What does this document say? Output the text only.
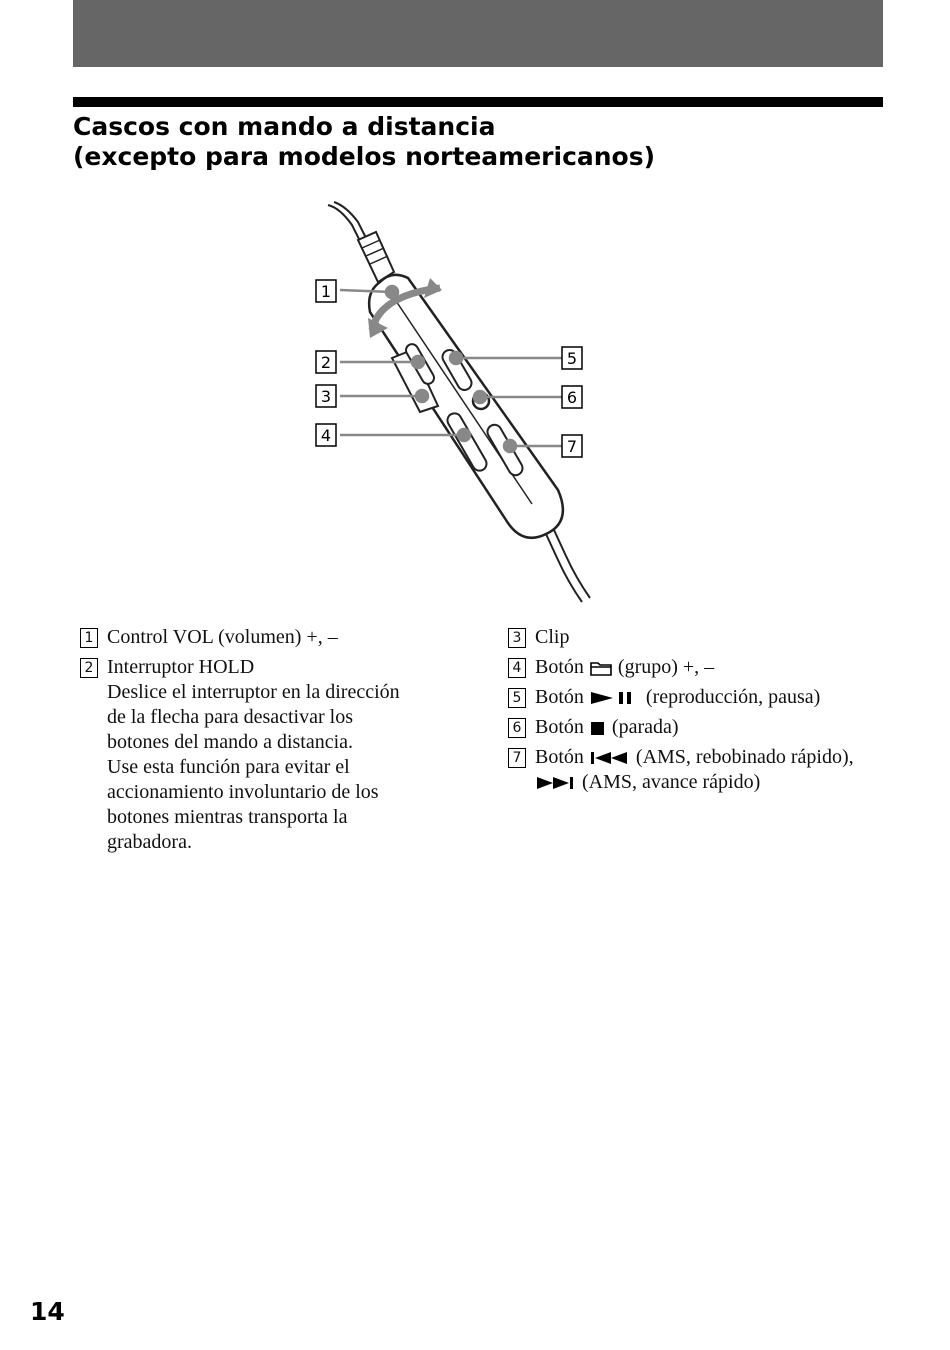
Cascos con mando a distancia
(excepto para modelos norteamericanos)
1
2
3
4
5
6
7
1 Control VOL (volumen) +, –
2 Interruptor HOLD
Deslice el interruptor en la dirección
de la flecha para desactivar los
botones del mando a distancia.
Use esta función para evitar el
accionamiento involuntario de los
botones mientras transporta la
grabadora.
3 Clip
4 Botón (grupo) +, –
5 Botón	(reproducción, pausa)
6 Botón (parada)
7 Botón	(AMS, rebobinado rápido),
(AMS, avance rápido)
14
